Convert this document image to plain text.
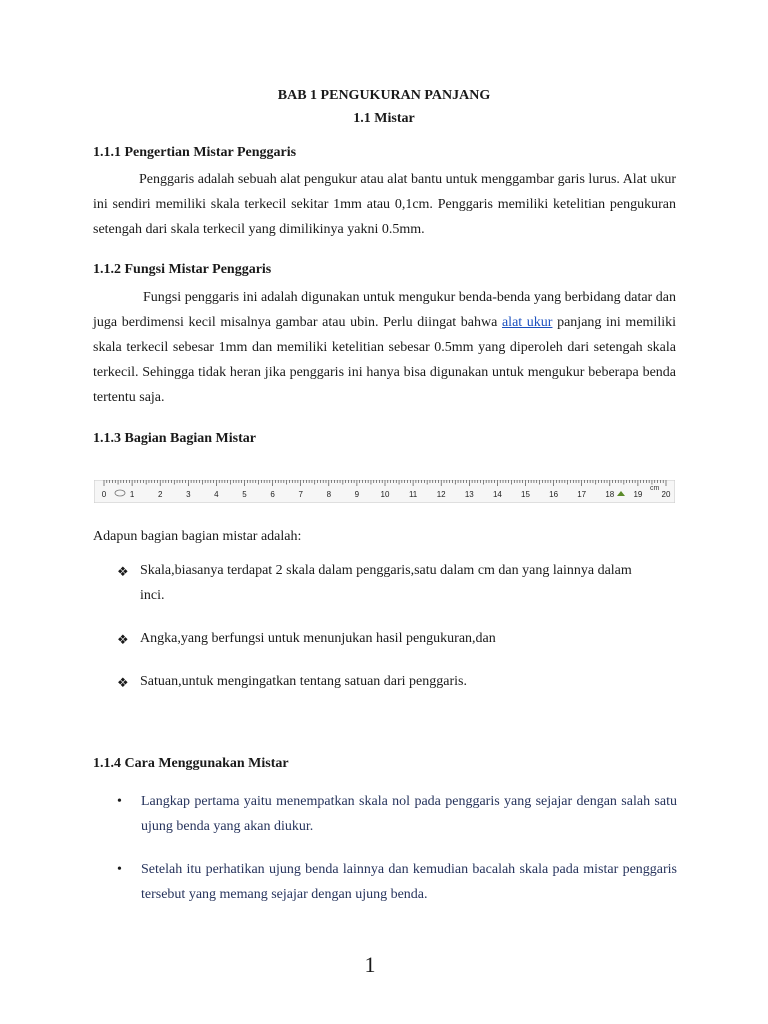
BAB 1 PENGUKURAN PANJANG
1.1 Mistar
1.1.1 Pengertian Mistar Penggaris
Penggaris adalah sebuah alat pengukur atau alat bantu untuk menggambar garis lurus. Alat ukur ini sendiri memiliki skala terkecil sekitar 1mm atau 0,1cm. Penggaris memiliki ketelitian pengukuran setengah dari skala terkecil yang dimilikinya yakni 0.5mm.
1.1.2 Fungsi Mistar Penggaris
Fungsi penggaris ini adalah digunakan untuk mengukur benda-benda yang berbidang datar dan juga berdimensi kecil misalnya gambar atau ubin. Perlu diingat bahwa alat ukur panjang ini memiliki skala terkecil sebesar 1mm dan memiliki ketelitian sebesar 0.5mm yang diperoleh dari setengah skala terkecil. Sehingga tidak heran jika penggaris ini hanya bisa digunakan untuk mengukur beberapa benda tertentu saja.
1.1.3 Bagian Bagian Mistar
0	1	2	3	4	5	6	7	8	9	10 11 12 13 14 15 16 17 18 19 20
cm
Adapun bagian bagian mistar adalah:
❖ Skala,biasanya terdapat 2 skala dalam penggaris,satu dalam cm dan yang lainnya dalam inci.
❖ Angka,yang berfungsi untuk menunjukan hasil pengukuran,dan
❖ Satuan,untuk mengingatkan tentang satuan dari penggaris.
1.1.4 Cara Menggunakan Mistar
• Langkap pertama yaitu menempatkan skala nol pada penggaris yang sejajar dengan salah satu ujung benda yang akan diukur.
• Setelah itu perhatikan ujung benda lainnya dan kemudian bacalah skala pada mistar penggaris tersebut yang memang sejajar dengan ujung benda.
1
